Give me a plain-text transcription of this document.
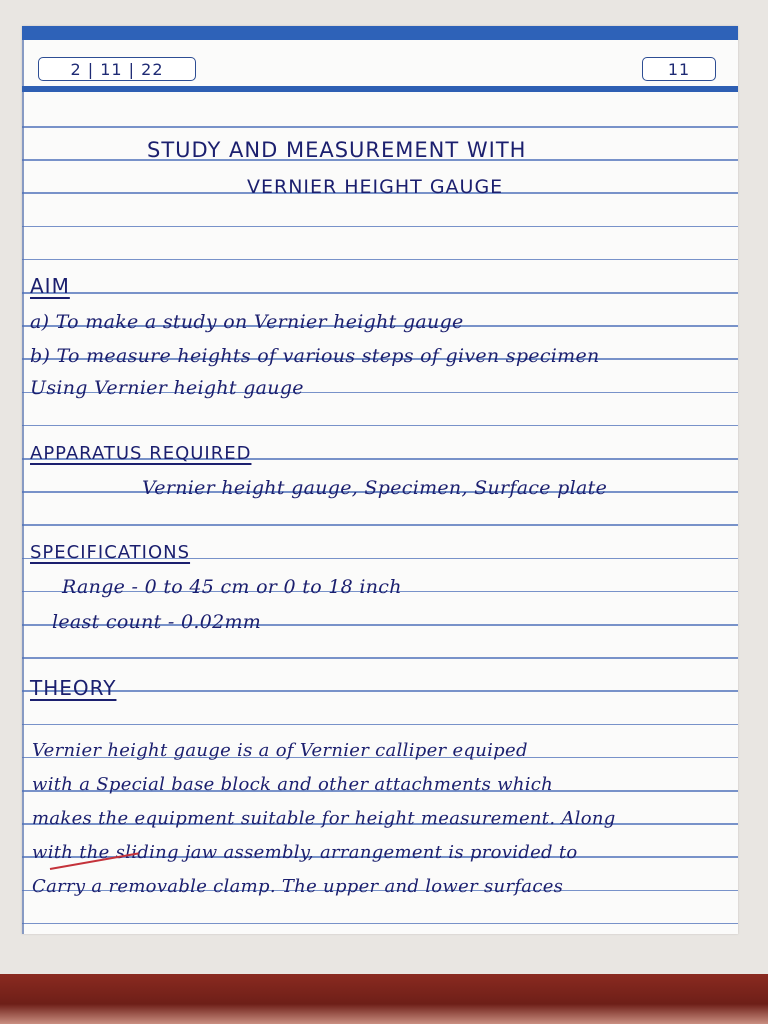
2 | 11 | 22	11
STUDY AND MEASUREMENT WITH
VERNIER HEIGHT GAUGE
AIM
a) To make a study on Vernier height gauge
b) To measure heights of various steps of given specimen
Using Vernier height gauge
APPARATUS REQUIRED
Vernier height gauge, Specimen, Surface plate
SPECIFICATIONS
Range - 0 to 45 cm or 0 to 18 inch
least count - 0.02mm
THEORY
Vernier height gauge is a of Vernier calliper equiped
with a Special base block and other attachments which
makes the equipment suitable for height measurement. Along
with the sliding jaw assembly, arrangement is provided to
Carry a removable clamp. The upper and lower surfaces
